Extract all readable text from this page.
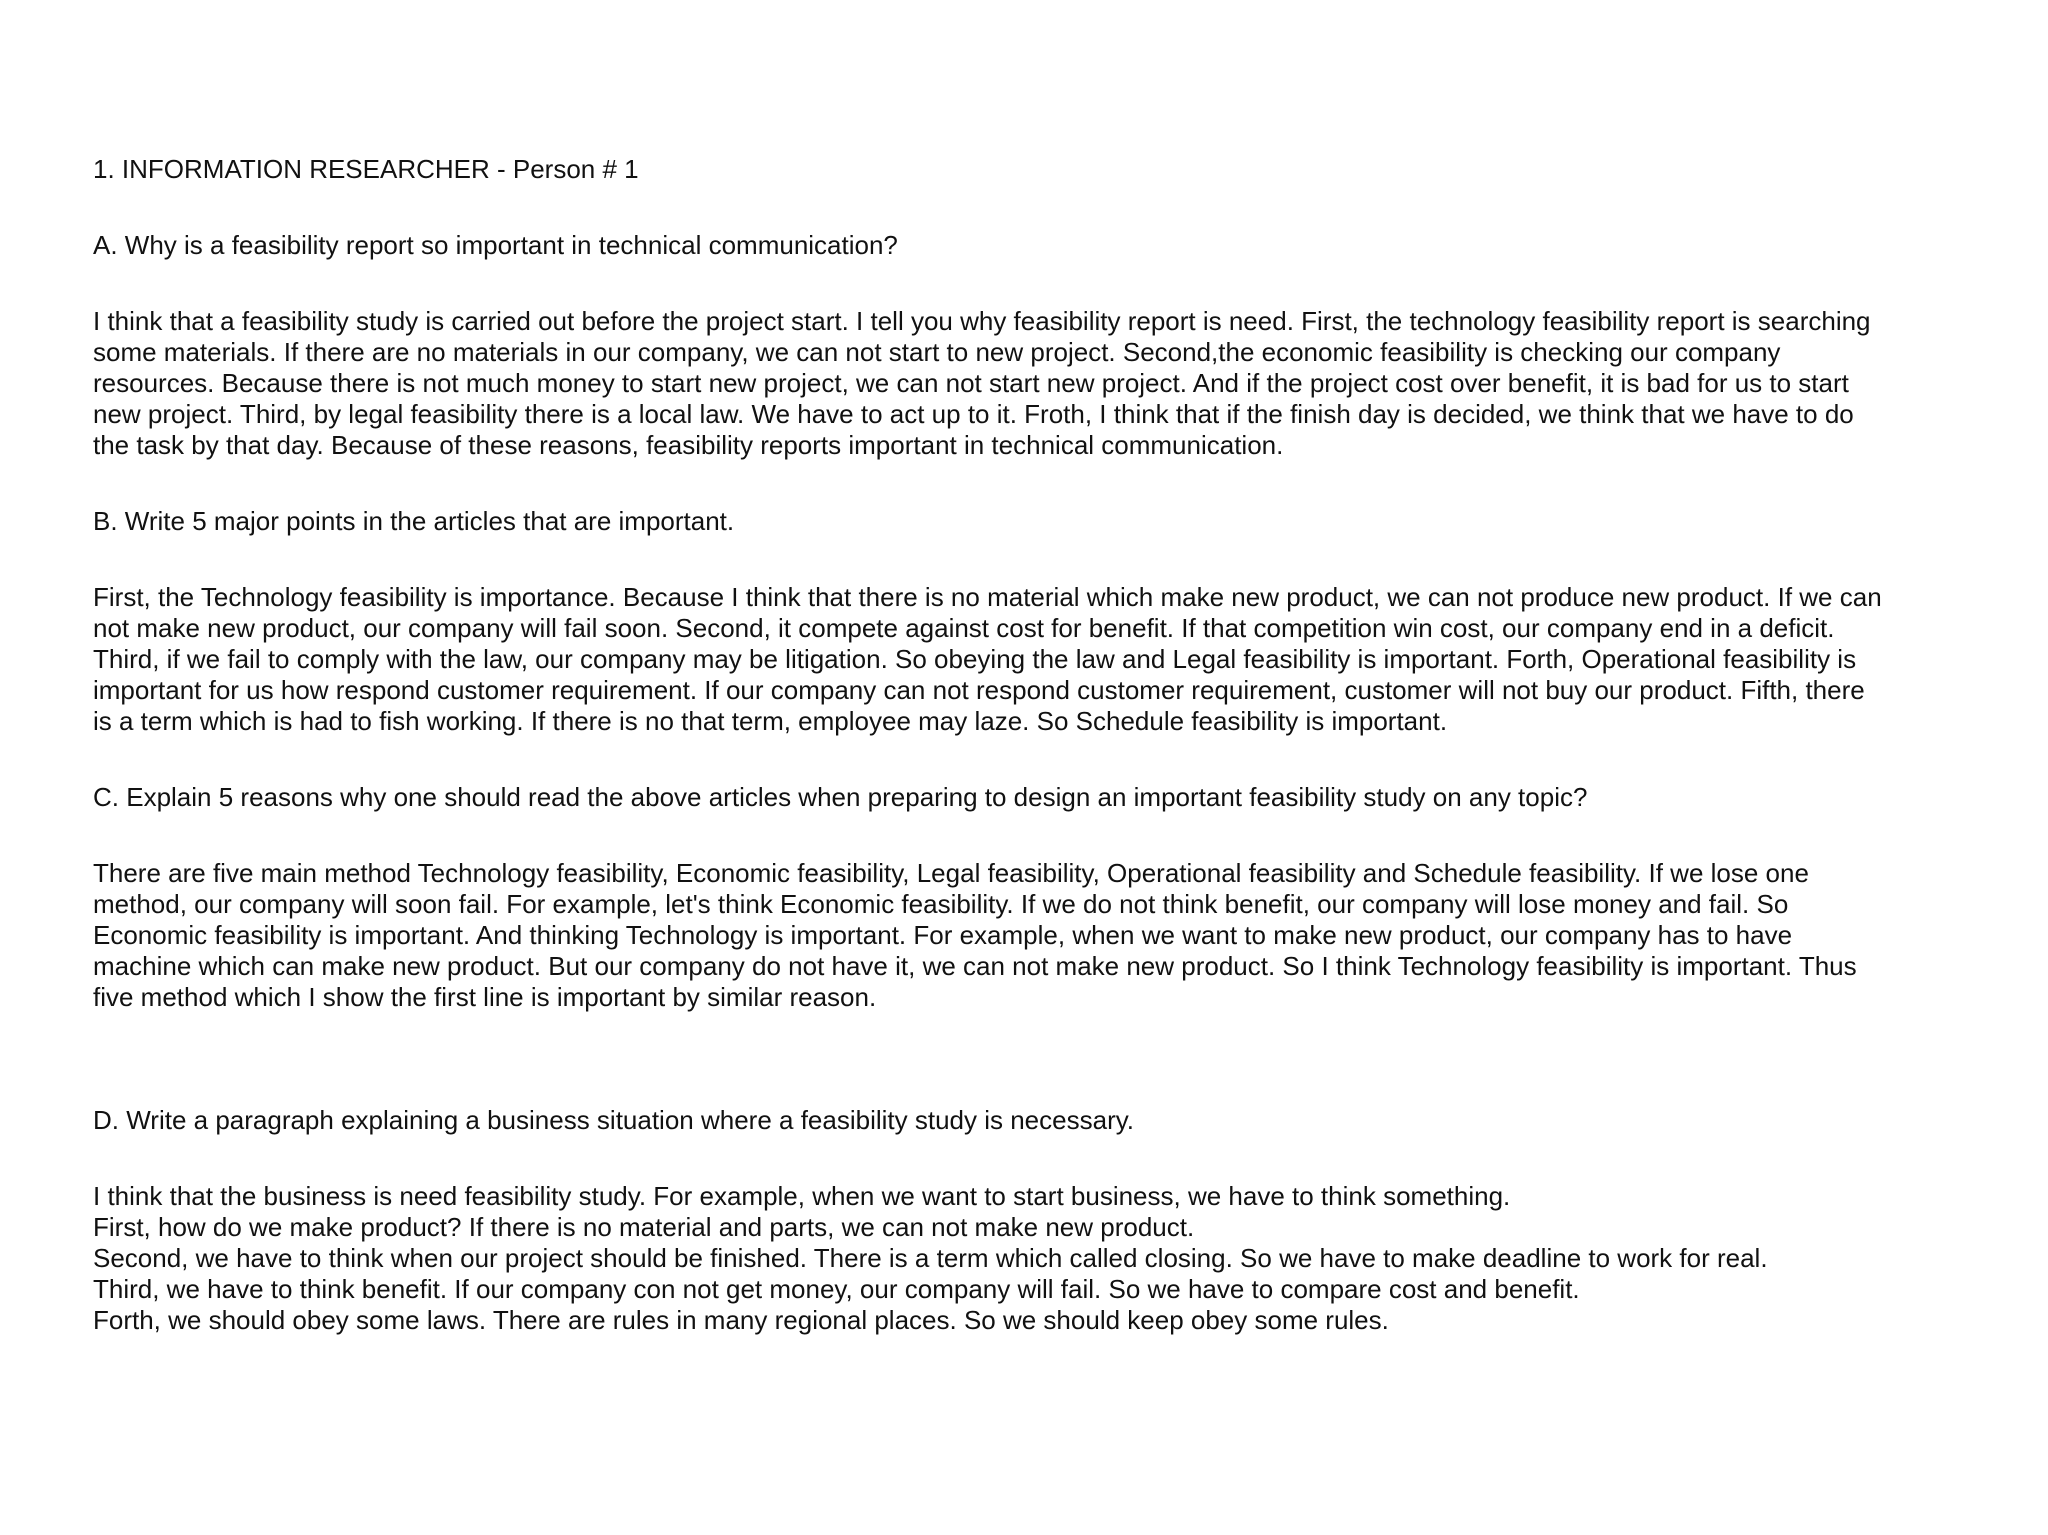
1. INFORMATION RESEARCHER - Person # 1

A. Why is a feasibility report so important in technical communication?

I think that a feasibility study is carried out before the project start. I tell you why feasibility report is need. First, the technology feasibility report is searching

some materials. If there are no materials in our company, we can not start to new project. Second,the economic feasibility is checking our company

resources. Because there is not much money to start new project, we can not start new project. And if the project cost over benefit, it is bad for us to start

new project. Third, by legal feasibility there is a local law. We have to act up to it. Froth, I think that if the finish day is decided, we think that we have to do

the task by that day. Because of these reasons, feasibility reports important in technical communication.

B. Write 5 major points in the articles that are important.

First, the Technology feasibility is importance. Because I think that there is no material which make new product, we can not produce new product. If we can

not make new product, our company will fail soon. Second, it compete against cost for benefit. If that competition win cost, our company end in a deficit.

Third, if we fail to comply with the law, our company may be litigation. So obeying the law and Legal feasibility is important. Forth, Operational feasibility is

important for us how respond customer requirement. If our company can not respond customer requirement, customer will not buy our product. Fifth, there

is a term which is had to fish working. If there is no that term, employee may laze. So Schedule feasibility is important.

C. Explain 5 reasons why one should read the above articles when preparing to design an important feasibility study on any topic?

There are five main method Technology feasibility, Economic feasibility, Legal feasibility, Operational feasibility and Schedule feasibility. If we lose one

method, our company will soon fail. For example, let's think Economic feasibility. If we do not think benefit, our company will lose money and fail. So

Economic feasibility is important. And thinking Technology is important. For example, when we want to make new product, our company has to have

machine which can make new product. But our company do not have it, we can not make new product. So I think Technology feasibility is important. Thus

five method which I show the first line is important by similar reason.

D. Write a paragraph explaining a business situation where a feasibility study is necessary.

I think that the business is need feasibility study. For example, when we want to start business, we have to think something.

First, how do we make product? If there is no material and parts, we can not make new product.

Second, we have to think when our project should be finished. There is a term which called closing. So we have to make deadline to work for real.

Third, we have to think benefit. If our company con not get money, our company will fail. So we have to compare cost and benefit.

Forth, we should obey some laws. There are rules in many regional places. So we should keep obey some rules.
